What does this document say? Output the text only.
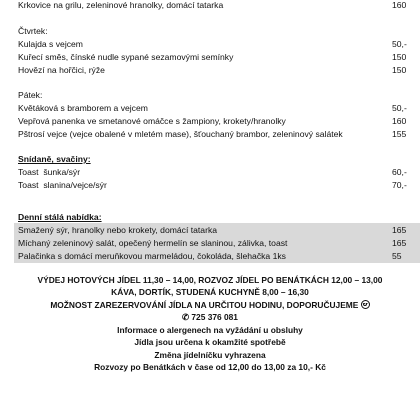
Krkovice na grilu, zeleninové hranolky, domácí tatarka	160
Čtvrtek:
Kulajda s vejcem	50,-
Kuřecí směs, čínské nudle sypané sezamovými semínky	150
Hovězí na hořčici, rýže	150
Pátek:
Květáková s bramborem a vejcem	50,-
Vepřová panenka ve smetanové omáčce s žampiony, krokety/hranolky	160
Pštrosí vejce (vejce obalené v mletém mase), šťouchaný brambor, zeleninový salátek	155
Snídaně, svačiny:
Toast  šunka/sýr	60,-
Toast  slanina/vejce/sýr	70,-
Denní stálá nabídka:
Smažený sýr, hranolky nebo krokety, domácí tatarka	165
Míchaný zeleninový salát, opečený hermelín se slaninou, zálivka, toast	165
Palačinka s domácí meruňkovou marmeládou, čokoláda, šlehačka 1ks	55
VÝDEJ HOTOVÝCH JÍDEL 11,30 – 14,00, ROZVOZ JÍDEL PO BENÁTKÁCH 12,00 – 13,00
KÁVA, DORTÍK, STUDENÁ KUCHYNĚ 8,00 – 16,30
MOŽNOST ZAREZERVOVÁNÍ JÍDLA NA URČITOU HODINU, DOPORUČUJEME
✆ 725 376 081
Informace o alergenech na vyžádání u obsluhy
Jídla jsou určena k okamžité spotřebě
Změna jídelníčku vyhrazena
Rozvozy po Benátkách v čase od 12,00 do 13,00 za 10,- Kč
